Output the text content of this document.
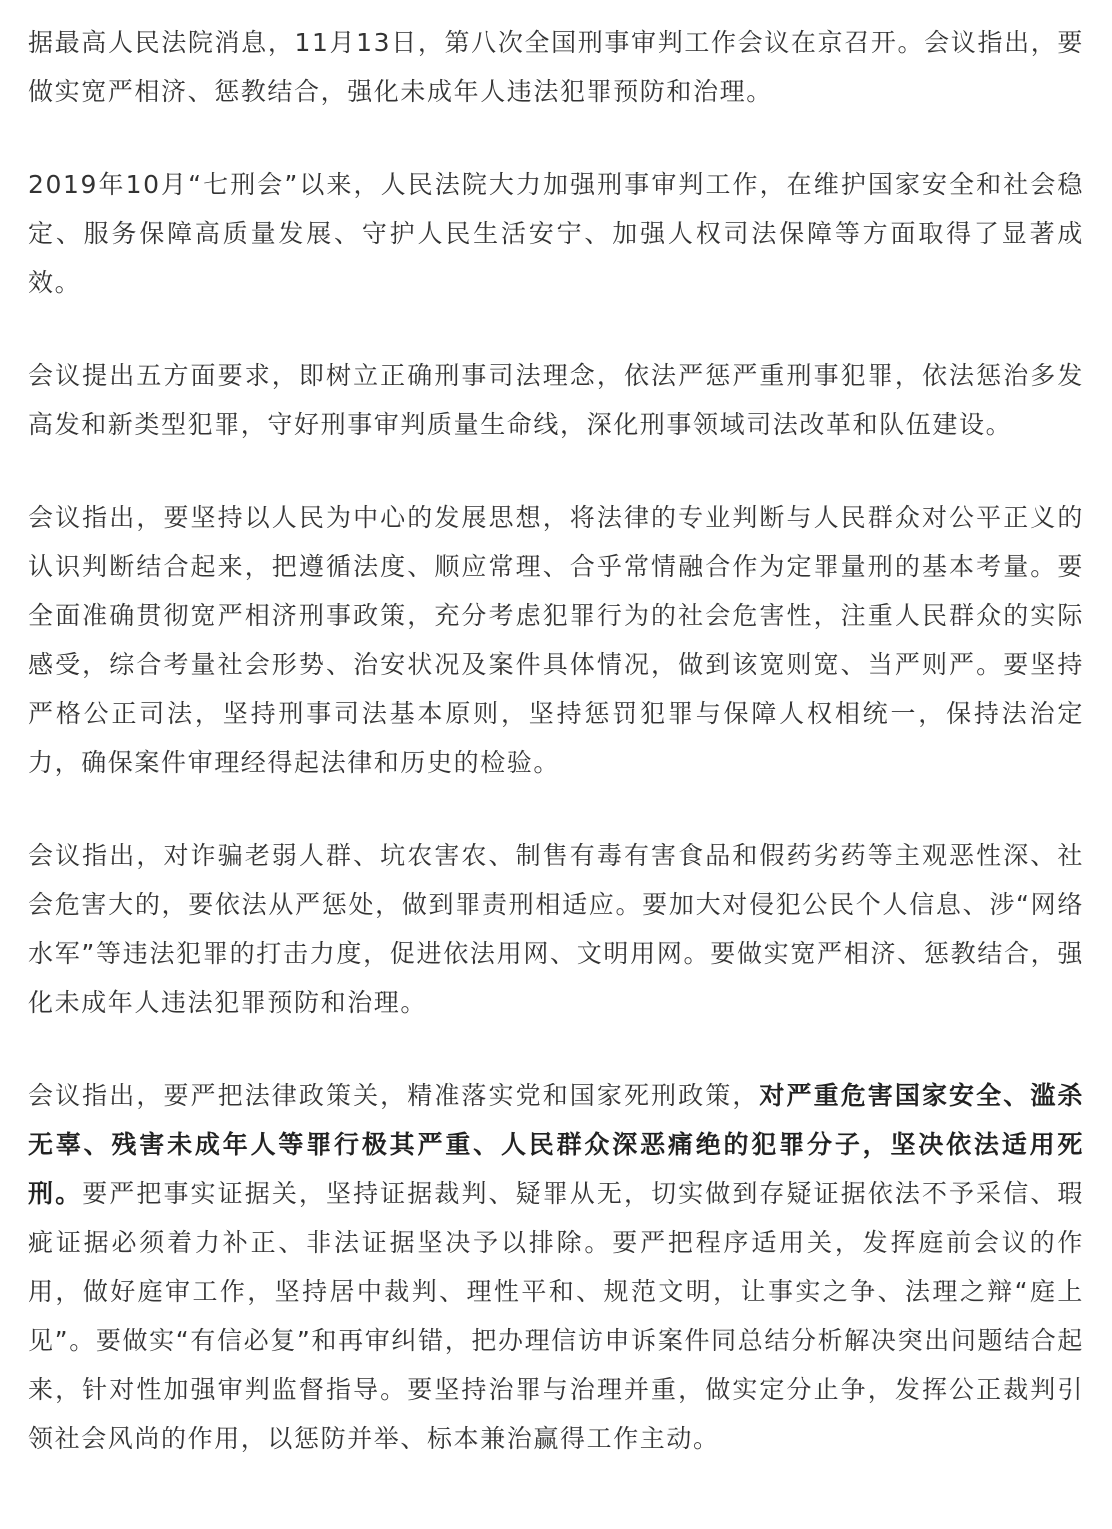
据最高人民法院消息，11月13日，第八次全国刑事审判工作会议在京召开。会议指出，要做实宽严相济、惩教结合，强化未成年人违法犯罪预防和治理。

2019年10月“七刑会”以来，人民法院大力加强刑事审判工作，在维护国家安全和社会稳定、服务保障高质量发展、守护人民生活安宁、加强人权司法保障等方面取得了显著成效。

会议提出五方面要求，即树立正确刑事司法理念，依法严惩严重刑事犯罪，依法惩治多发高发和新类型犯罪，守好刑事审判质量生命线，深化刑事领域司法改革和队伍建设。

会议指出，要坚持以人民为中心的发展思想，将法律的专业判断与人民群众对公平正义的认识判断结合起来，把遵循法度、顺应常理、合乎常情融合作为定罪量刑的基本考量。要全面准确贯彻宽严相济刑事政策，充分考虑犯罪行为的社会危害性，注重人民群众的实际感受，综合考量社会形势、治安状况及案件具体情况，做到该宽则宽、当严则严。要坚持严格公正司法，坚持刑事司法基本原则，坚持惩罚犯罪与保障人权相统一，保持法治定力，确保案件审理经得起法律和历史的检验。

会议指出，对诈骗老弱人群、坑农害农、制售有毒有害食品和假药劣药等主观恶性深、社会危害大的，要依法从严惩处，做到罪责刑相适应。要加大对侵犯公民个人信息、涉“网络水军”等违法犯罪的打击力度，促进依法用网、文明用网。要做实宽严相济、惩教结合，强化未成年人违法犯罪预防和治理。

会议指出，要严把法律政策关，精准落实党和国家死刑政策，对严重危害国家安全、滥杀无辜、残害未成年人等罪行极其严重、人民群众深恶痛绝的犯罪分子，坚决依法适用死刑。要严把事实证据关，坚持证据裁判、疑罪从无，切实做到存疑证据依法不予采信、瑕疵证据必须着力补正、非法证据坚决予以排除。要严把程序适用关，发挥庭前会议的作用，做好庭审工作，坚持居中裁判、理性平和、规范文明，让事实之争、法理之辩“庭上见”。要做实“有信必复”和再审纠错，把办理信访申诉案件同总结分析解决突出问题结合起来，针对性加强审判监督指导。要坚持治罪与治理并重，做实定分止争，发挥公正裁判引领社会风尚的作用，以惩防并举、标本兼治赢得工作主动。
